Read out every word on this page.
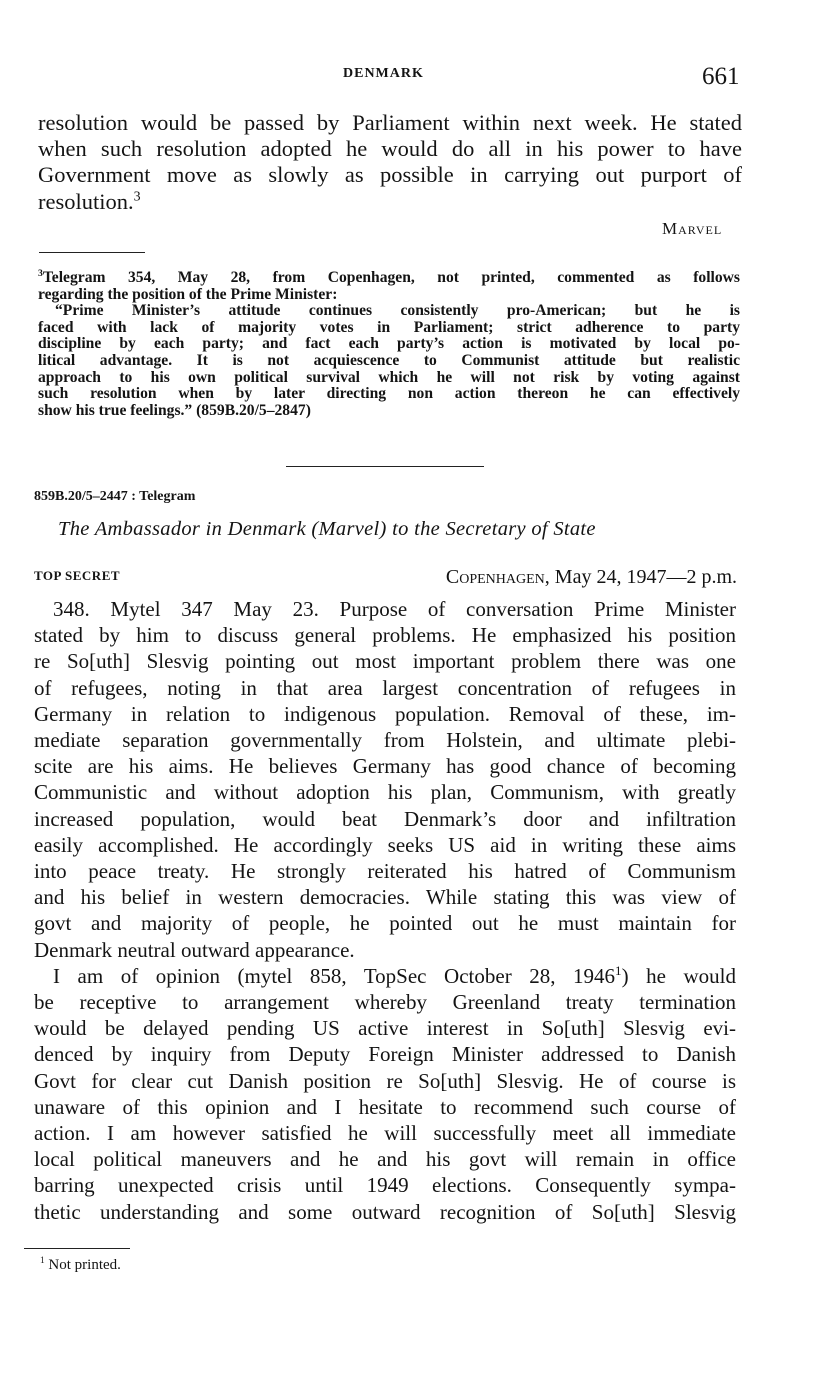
DENMARK	661
resolution would be passed by Parliament within next week. He stated
when such resolution adopted he would do all in his power to have
Government move as slowly as possible in carrying out purport of
resolution.$^3$
Marvel
$^3$Telegram 354, May 28, from Copenhagen, not printed, commented as follows
regarding the position of the Prime Minister:
“Prime Minister’s attitude continues consistently pro-American; but he is
faced with lack of majority votes in Parliament; strict adherence to party
discipline by each party; and fact each party’s action is motivated by local po-
litical advantage. It is not acquiescence to Communist attitude but realistic
approach to his own political survival which he will not risk by voting against
such resolution when by later directing non action thereon he can effectively
show his true feelings.” (859B.20/5–2847)
859B.20/5–2447 : Telegram
The Ambassador in Denmark (Marvel) to the Secretary of State
TOP SECRET	Copenhagen, May 24, 1947—2 p.m.
348. Mytel 347 May 23. Purpose of conversation Prime Minister
stated by him to discuss general problems. He emphasized his position
re So[uth] Slesvig pointing out most important problem there was one
of refugees, noting in that area largest concentration of refugees in
Germany in relation to indigenous population. Removal of these, im-
mediate separation governmentally from Holstein, and ultimate plebi-
scite are his aims. He believes Germany has good chance of becoming
Communistic and without adoption his plan, Communism, with greatly
increased population, would beat Denmark’s door and infiltration
easily accomplished. He accordingly seeks US aid in writing these aims
into peace treaty. He strongly reiterated his hatred of Communism
and his belief in western democracies. While stating this was view of
govt and majority of people, he pointed out he must maintain for
Denmark neutral outward appearance.
I am of opinion (mytel 858, TopSec October 28, 1946$^1$) he would
be receptive to arrangement whereby Greenland treaty termination
would be delayed pending US active interest in So[uth] Slesvig evi-
denced by inquiry from Deputy Foreign Minister addressed to Danish
Govt for clear cut Danish position re So[uth] Slesvig. He of course is
unaware of this opinion and I hesitate to recommend such course of
action. I am however satisfied he will successfully meet all immediate
local political maneuvers and he and his govt will remain in office
barring unexpected crisis until 1949 elections. Consequently sympa-
thetic understanding and some outward recognition of So[uth] Slesvig
$^1$ Not printed.
